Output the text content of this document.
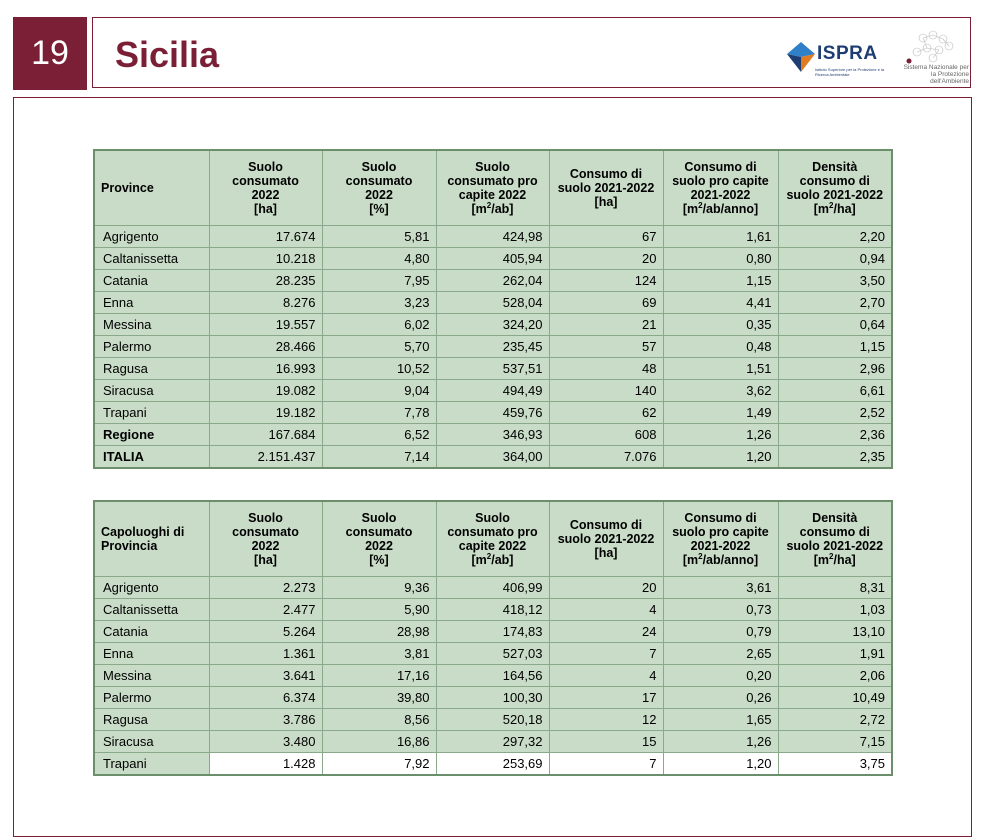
19	Sicilia	ISPRA
Istituto Superiore per la Protezione e la Ricerca Ambientale
Sistema Nazionale per la Protezione dell'Ambiente
Province	Suolo
consumato
2022
[ha]	Suolo
consumato
2022
[%]	Suolo
consumato pro
capite 2022
$[m^2/ab]$	Consumo di
suolo 2021-2022
[ha]	Consumo di
suolo pro capite
2021-2022
$[m^2/ab/anno]$	Densità
consumo di
suolo 2021-2022
$[m^2/ha]$
Agrigento	17.674	5,81	424,98	67	1,61	2,20
Caltanissetta	10.218	4,80	405,94	20	0,80	0,94
Catania	28.235	7,95	262,04	124	1,15	3,50
Enna	8.276	3,23	528,04	69	4,41	2,70
Messina	19.557	6,02	324,20	21	0,35	0,64
Palermo	28.466	5,70	235,45	57	0,48	1,15
Ragusa	16.993	10,52	537,51	48	1,51	2,96
Siracusa	19.082	9,04	494,49	140	3,62	6,61
Trapani	19.182	7,78	459,76	62	1,49	2,52
Regione	167.684	6,52	346,93	608	1,26	2,36
ITALIA	2.151.437	7,14	364,00	7.076	1,20	2,35
Capoluoghi di
Provincia	Suolo
consumato
2022
[ha]	Suolo
consumato
2022
[%]	Suolo
consumato pro
capite 2022
$[m^2/ab]$	Consumo di
suolo 2021-2022
[ha]	Consumo di
suolo pro capite
2021-2022
$[m^2/ab/anno]$	Densità
consumo di
suolo 2021-2022
$[m^2/ha]$
Agrigento	2.273	9,36	406,99	20	3,61	8,31
Caltanissetta	2.477	5,90	418,12	4	0,73	1,03
Catania	5.264	28,98	174,83	24	0,79	13,10
Enna	1.361	3,81	527,03	7	2,65	1,91
Messina	3.641	17,16	164,56	4	0,20	2,06
Palermo	6.374	39,80	100,30	17	0,26	10,49
Ragusa	3.786	8,56	520,18	12	1,65	2,72
Siracusa	3.480	16,86	297,32	15	1,26	7,15
Trapani	1.428	7,92	253,69	7	1,20	3,75
